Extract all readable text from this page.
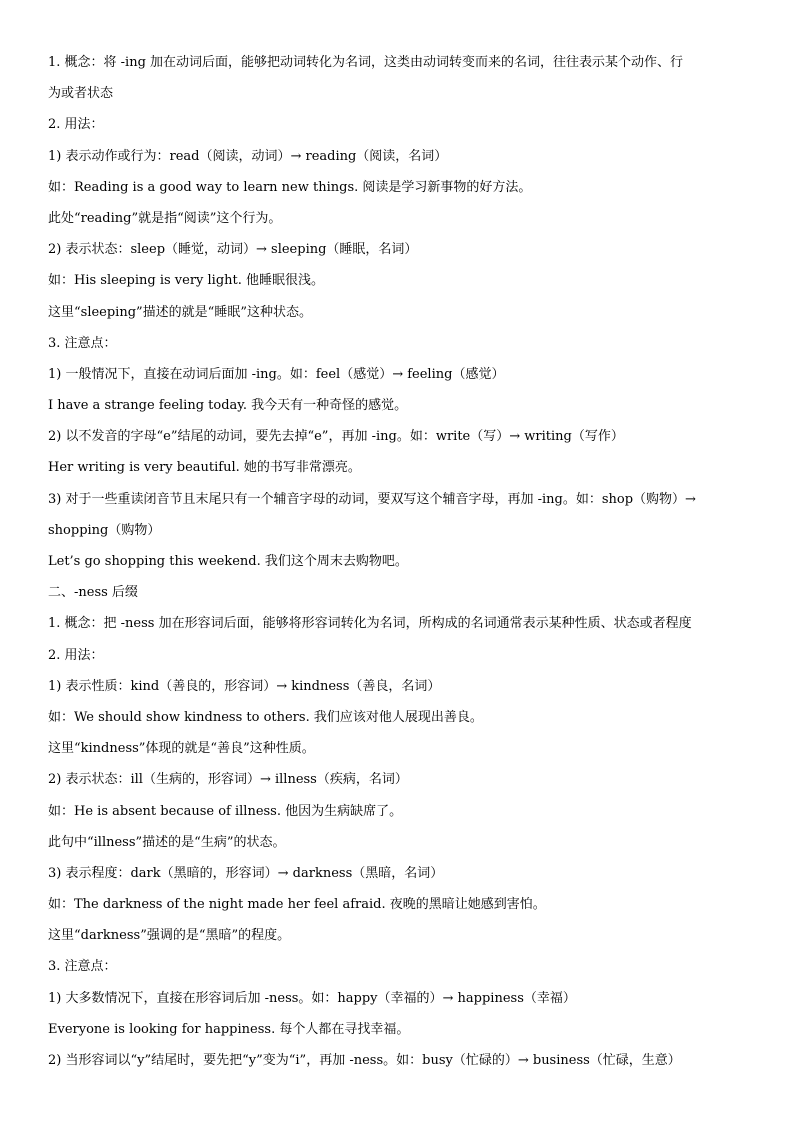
1. 概念：将 -ing 加在动词后面，能够把动词转化为名词，这类由动词转变而来的名词，往往表示某个动作、行
为或者状态
2. 用法：
1) 表示动作或行为：read（阅读，动词）→ reading（阅读，名词）
如：Reading is a good way to learn new things. 阅读是学习新事物的好方法。
此处“reading”就是指“阅读”这个行为。
2) 表示状态：sleep（睡觉，动词）→ sleeping（睡眠，名词）
如：His sleeping is very light. 他睡眠很浅。
这里“sleeping”描述的就是“睡眠”这种状态。
3. 注意点：
1) 一般情况下，直接在动词后面加 -ing。如：feel（感觉）→ feeling（感觉）
I have a strange feeling today. 我今天有一种奇怪的感觉。
2) 以不发音的字母“e”结尾的动词，要先去掉“e”，再加 -ing。如：write（写）→ writing（写作）
Her writing is very beautiful. 她的书写非常漂亮。
3) 对于一些重读闭音节且末尾只有一个辅音字母的动词，要双写这个辅音字母，再加 -ing。如：shop（购物）→
shopping（购物）
Let’s go shopping this weekend. 我们这个周末去购物吧。
二、-ness 后缀
1. 概念：把 -ness 加在形容词后面，能够将形容词转化为名词，所构成的名词通常表示某种性质、状态或者程度
2. 用法：
1) 表示性质：kind（善良的，形容词）→ kindness（善良，名词）
如：We should show kindness to others. 我们应该对他人展现出善良。
这里“kindness”体现的就是“善良”这种性质。
2) 表示状态：ill（生病的，形容词）→ illness（疾病，名词）
如：He is absent because of illness. 他因为生病缺席了。
此句中“illness”描述的是“生病”的状态。
3) 表示程度：dark（黑暗的，形容词）→ darkness（黑暗，名词）
如：The darkness of the night made her feel afraid. 夜晚的黑暗让她感到害怕。
这里“darkness”强调的是“黑暗”的程度。
3. 注意点：
1) 大多数情况下，直接在形容词后加 -ness。如：happy（幸福的）→ happiness（幸福）
Everyone is looking for happiness. 每个人都在寻找幸福。
2) 当形容词以“y”结尾时，要先把“y”变为“i”，再加 -ness。如：busy（忙碌的）→ business（忙碌，生意）
